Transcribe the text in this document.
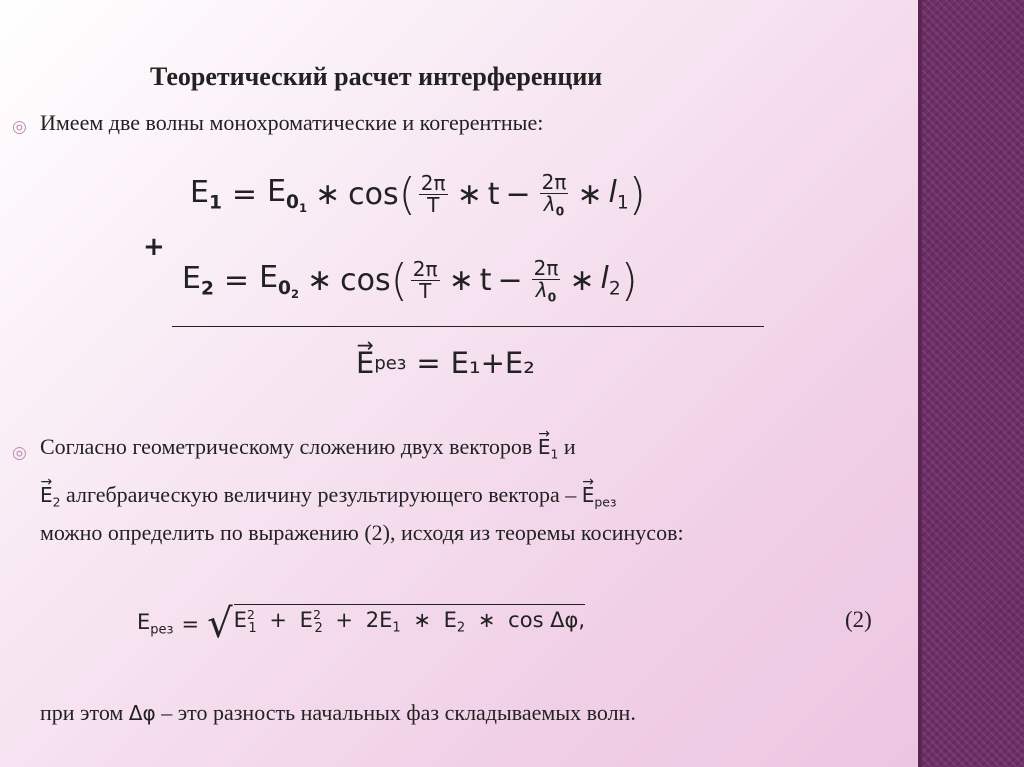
Теоретический расчет интерференции
◎ Имеем две волны монохроматические и когерентные:
+
$E_1 = E_{0_1}$ ∗ cos ( $\frac{2\pi}{T}$ ∗ $t - \frac{2\pi}{\lambda_0}$ ∗ $l_1$ )
$E_2 = E_{0_2}$ ∗ cos ( $\frac{2\pi}{T}$ ∗ $t - \frac{2\pi}{\lambda_0}$ ∗ $l_2$ )
→ E рез = E₁+E₂
◎ Согласно геометрическому сложению двух векторов → $E_1$ и
→ $E_2$ алгебраическую величину результирующего вектора – → $E_{рез}$
можно определить по выражению (2), исходя из теоремы косинусов:
$E_{рез}$ = √ $E^2_1 + E^2_2 + 2E_1$ ∗ $E_2$ ∗ cos Δφ,	(2)
при этом Δφ – это разность начальных фаз складываемых волн.
